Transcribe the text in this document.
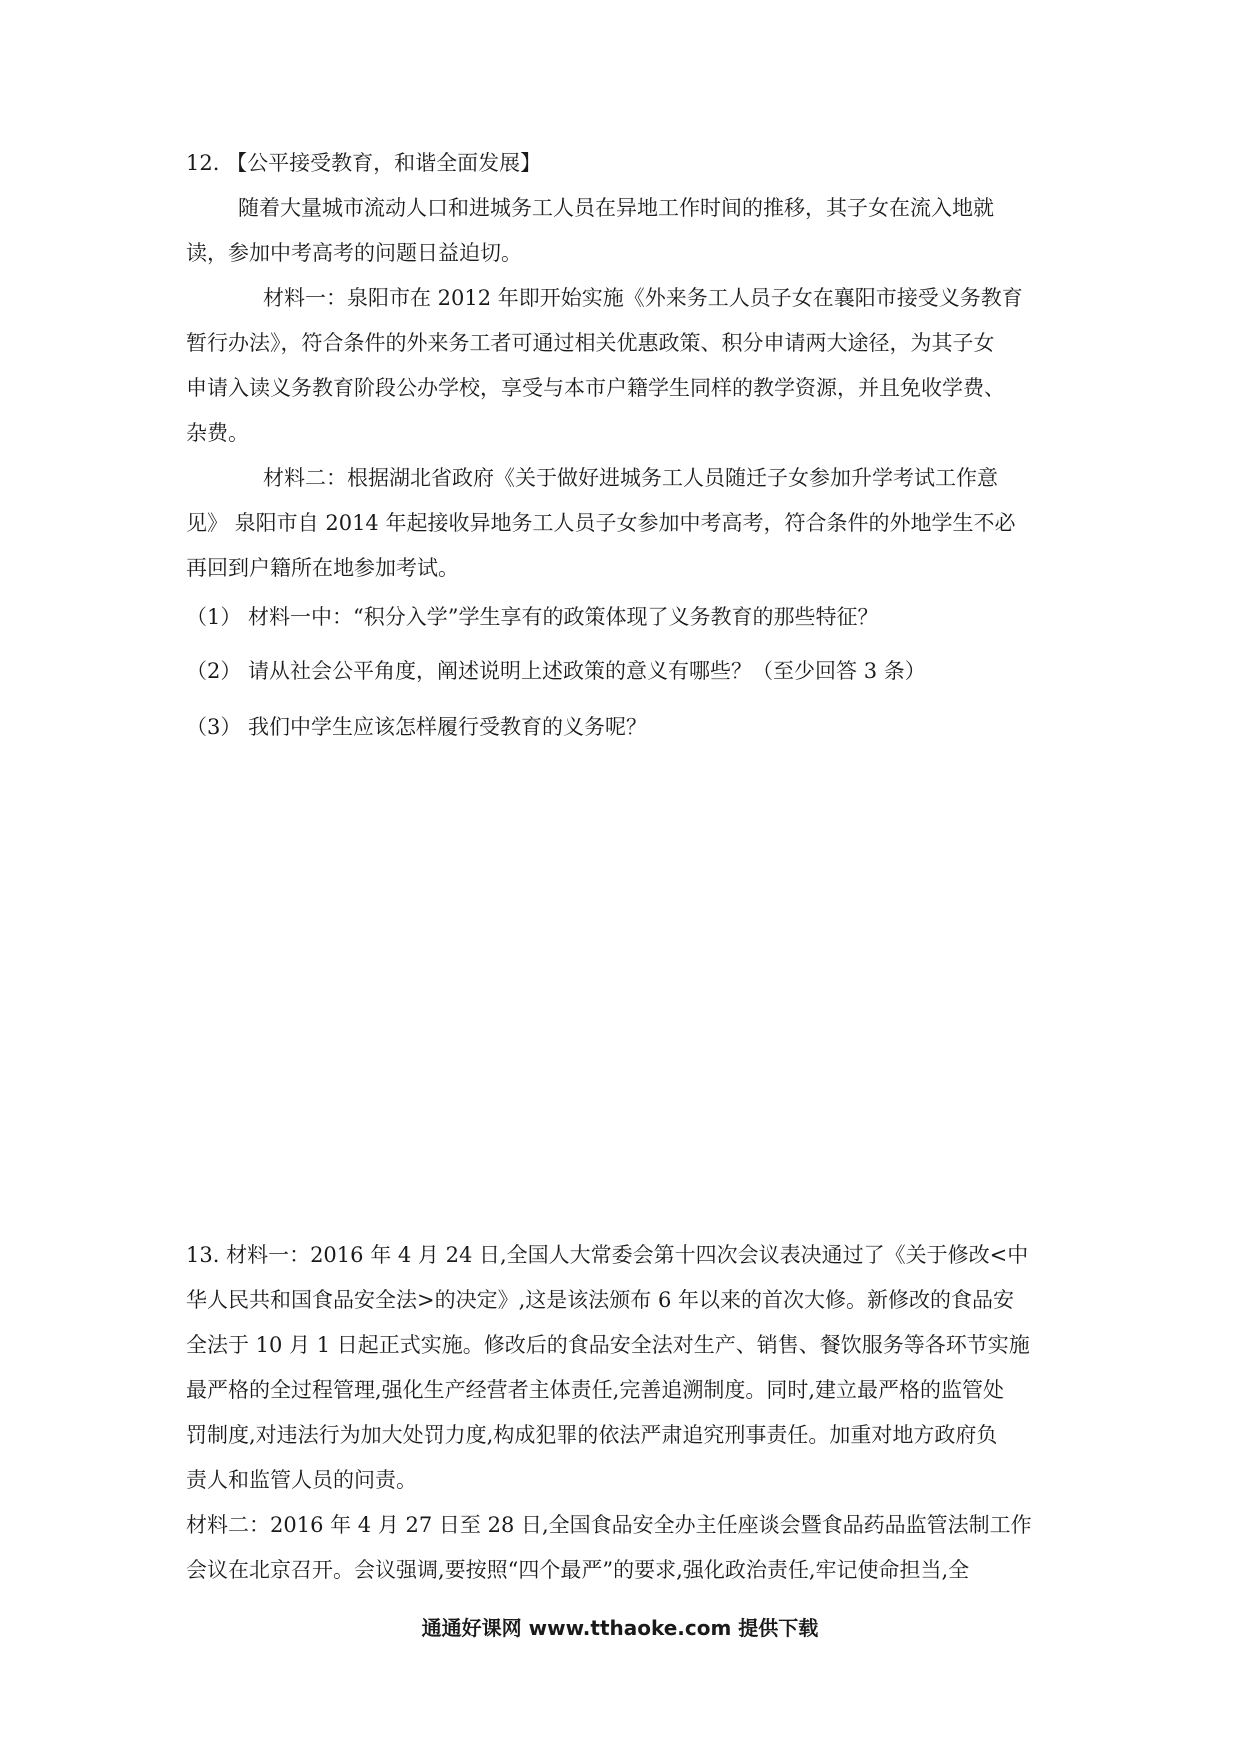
12. 【公平接受教育，和谐全面发展】
随着大量城市流动人口和进城务工人员在异地工作时间的推移，其子女在流入地就
读，参加中考高考的问题日益迫切。
材料一：泉阳市在 2012 年即开始实施《外来务工人员子女在襄阳市接受义务教育
暂行办法》，符合条件的外来务工者可通过相关优惠政策、积分申请两大途径，为其子女
申请入读义务教育阶段公办学校，享受与本市户籍学生同样的教学资源，并且免收学费、
杂费。
材料二：根据湖北省政府《关于做好进城务工人员随迁子女参加升学考试工作意
见》 泉阳市自 2014 年起接收异地务工人员子女参加中考高考，符合条件的外地学生不必
再回到户籍所在地参加考试。
（1） 材料一中：“积分入学”学生享有的政策体现了义务教育的那些特征？
（2） 请从社会公平角度，阐述说明上述政策的意义有哪些？（至少回答 3 条）
（3） 我们中学生应该怎样履行受教育的义务呢？
13. 材料一：2016 年 4 月 24 日,全国人大常委会第十四次会议表决通过了《关于修改<中
华人民共和国食品安全法>的决定》,这是该法颁布 6 年以来的首次大修。新修改的食品安
全法于 10 月 1 日起正式实施。修改后的食品安全法对生产、销售、餐饮服务等各环节实施
最严格的全过程管理,强化生产经营者主体责任,完善追溯制度。同时,建立最严格的监管处
罚制度,对违法行为加大处罚力度,构成犯罪的依法严肃追究刑事责任。加重对地方政府负
责人和监管人员的问责。
材料二：2016 年 4 月 27 日至 28 日,全国食品安全办主任座谈会暨食品药品监管法制工作
会议在北京召开。会议强调,要按照“四个最严”的要求,强化政治责任,牢记使命担当,全
通通好课网 www.tthaoke.com 提供下载
